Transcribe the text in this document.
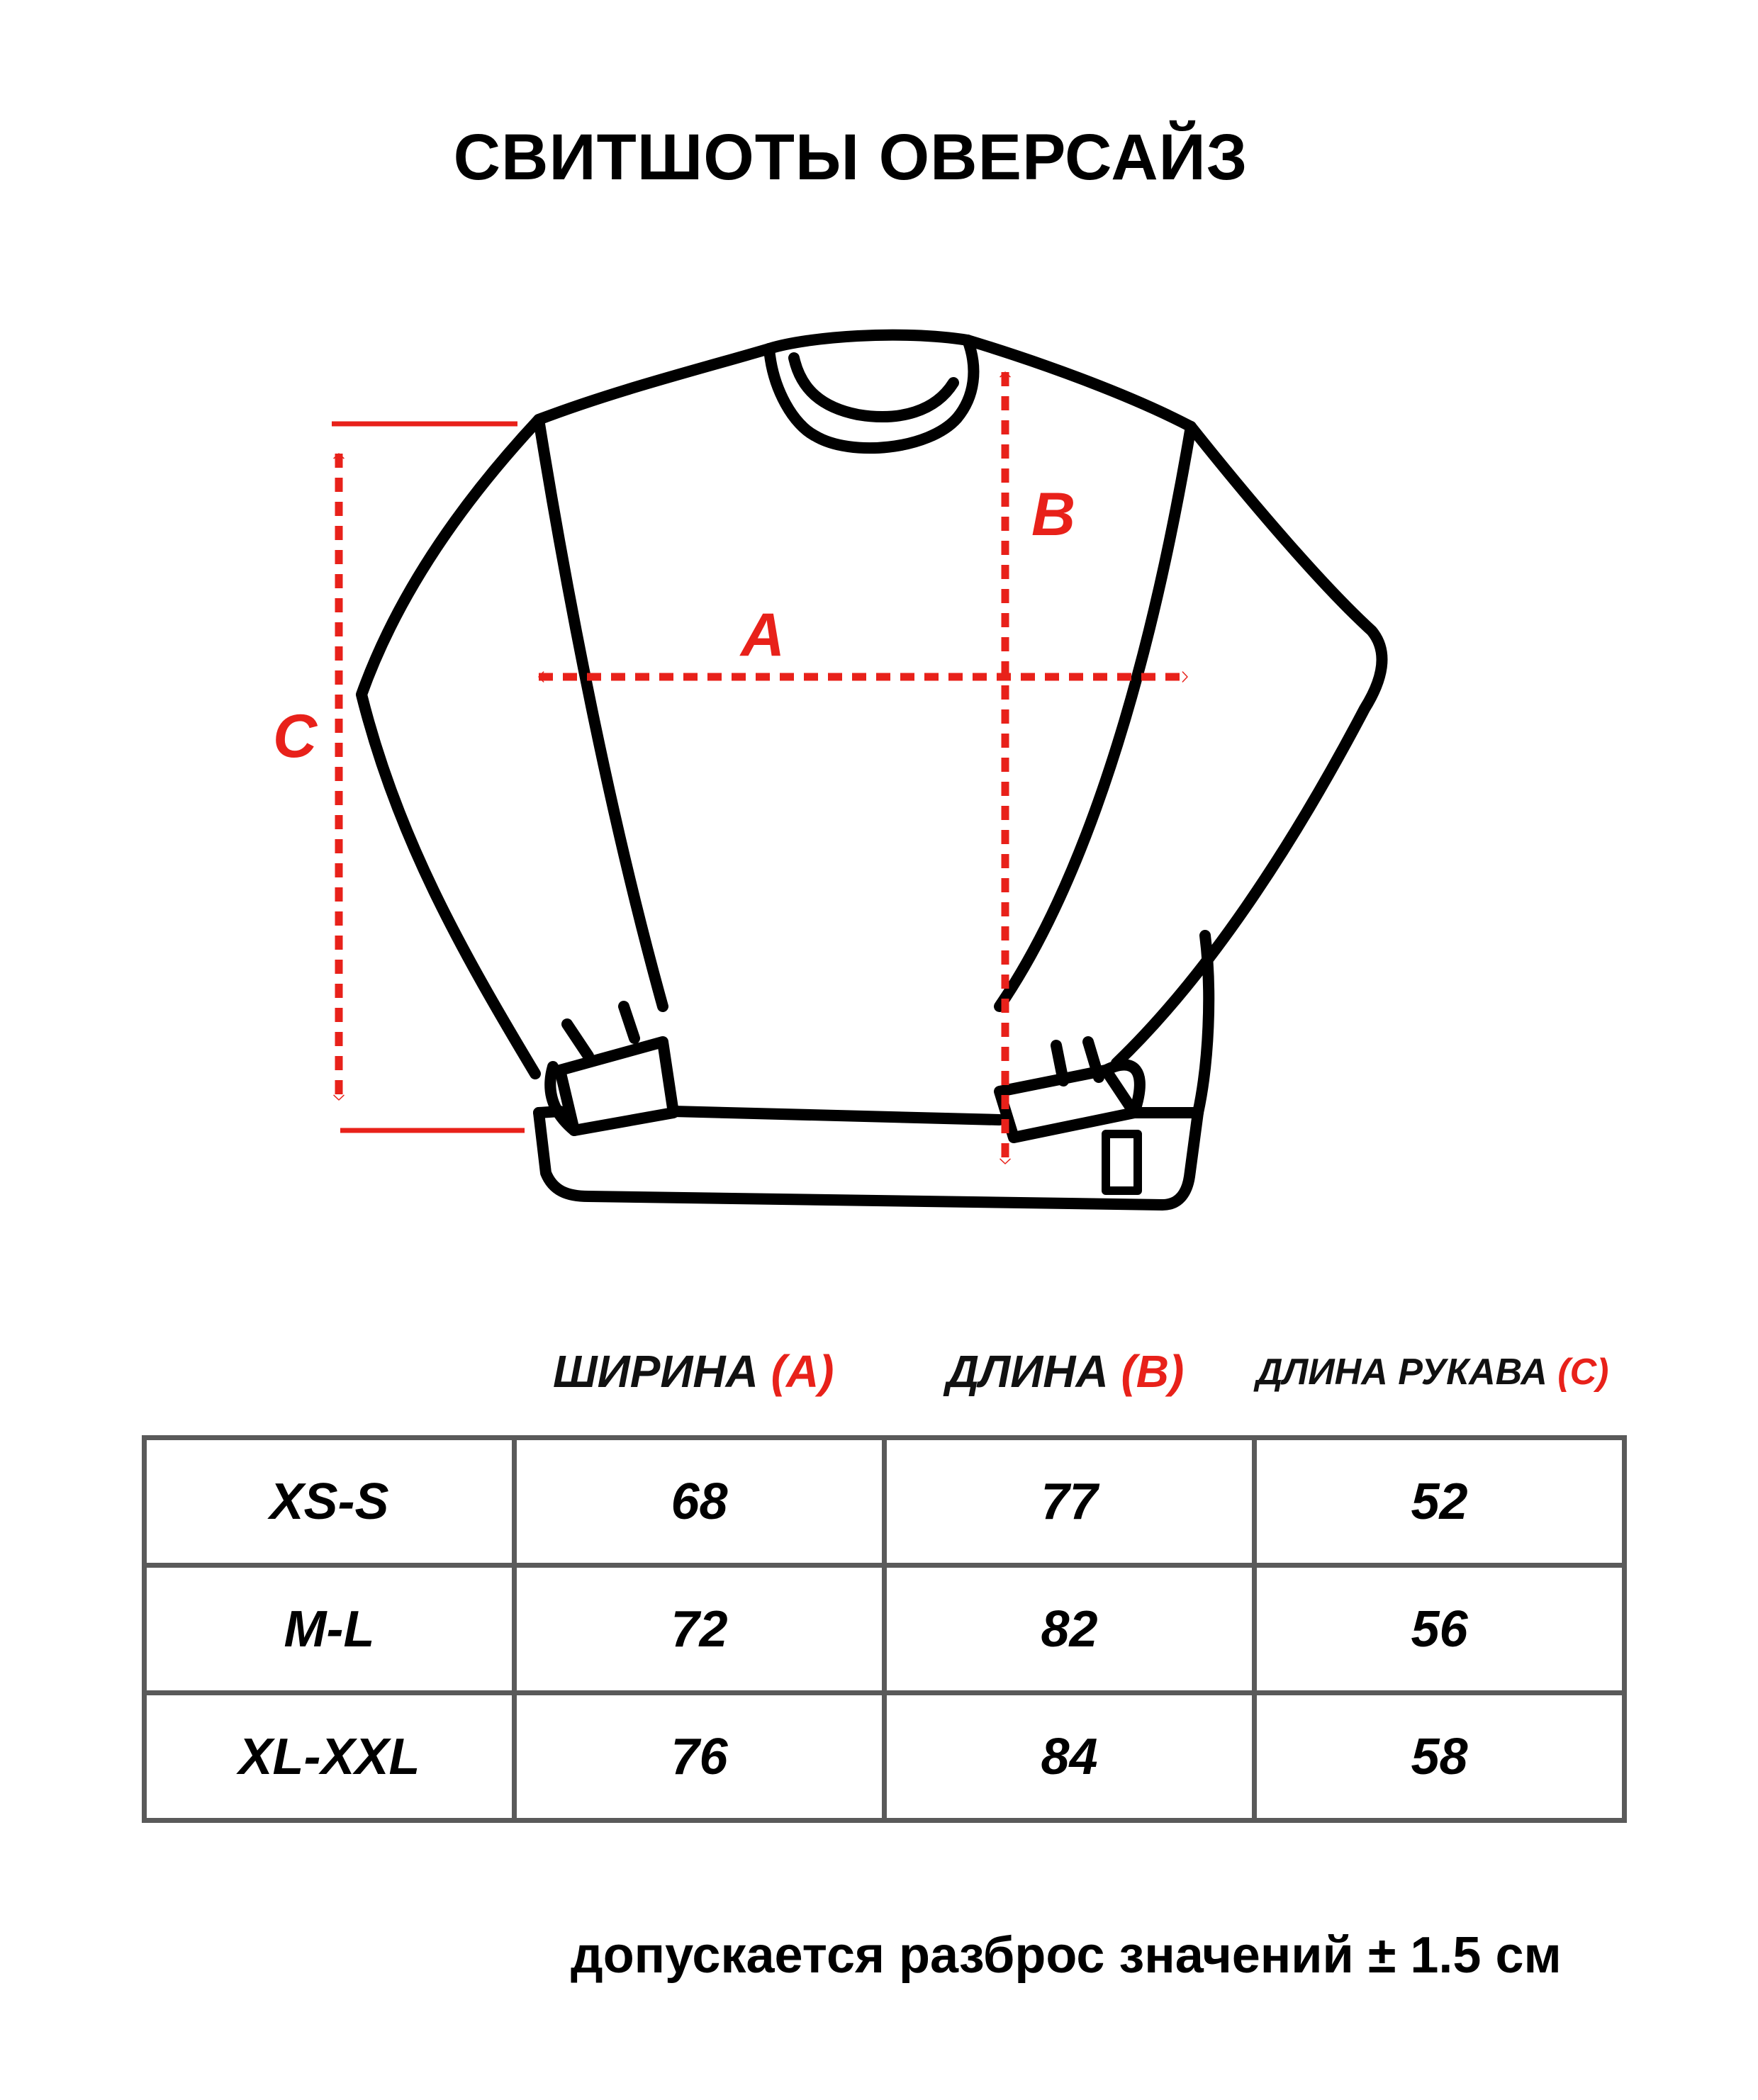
СВИТШОТЫ ОВЕРСАЙЗ
A
B
C
ШИРИНА (A) ДЛИНА (B) ДЛИНА РУКАВА (C)
XS-S	68	77	52
M-L	72	82	56
XL-XXL	76	84	58
допускается разброс значений ± 1.5 см
